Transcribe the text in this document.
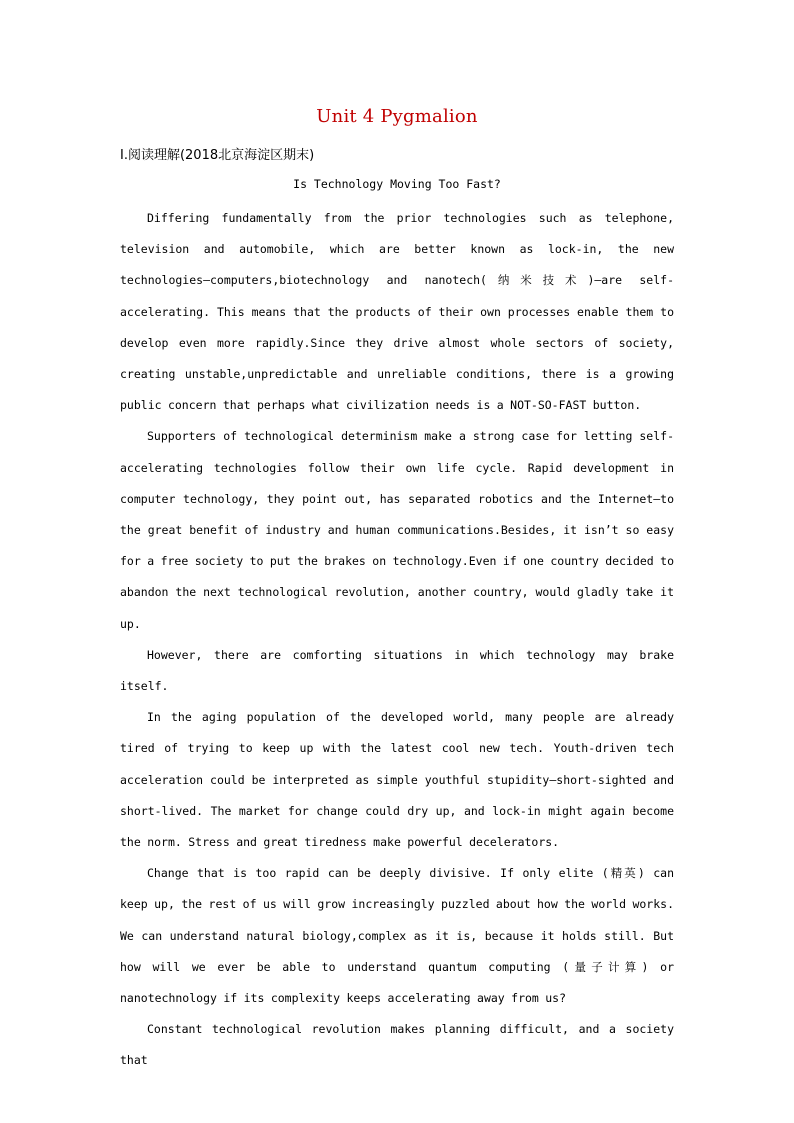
Unit 4 Pygmalion
Ⅰ.阅读理解(2018北京海淀区期末)
Is Technology Moving Too Fast?

Differing fundamentally from the prior technologies such as telephone, television and automobile, which are better known as lock-in, the new technologies—computers,biotechnology and nanotech(纳米技术)—are self-accelerating. This means that the products of their own processes enable them to develop even more rapidly.Since they drive almost whole sectors of society, creating unstable,unpredictable and unreliable conditions, there is a growing public concern that perhaps what civilization needs is a NOT-SO-FAST button.

Supporters of technological determinism make a strong case for letting self-accelerating technologies follow their own life cycle. Rapid development in computer technology, they point out, has separated robotics and the Internet—to the great benefit of industry and human communications.Besides, it isn’t so easy for a free society to put the brakes on technology.Even if one country decided to abandon the next technological revolution, another country, would gladly take it up.

However, there are comforting situations in which technology may brake itself.

In the aging population of the developed world, many people are already tired of trying to keep up with the latest cool new tech. Youth-driven tech acceleration could be interpreted as simple youthful stupidity—short-sighted and short-lived. The market for change could dry up, and lock-in might again become the norm. Stress and great tiredness make powerful decelerators.

Change that is too rapid can be deeply divisive. If only elite (精英) can keep up, the rest of us will grow increasingly puzzled about how the world works. We can understand natural biology,complex as it is, because it holds still. But how will we ever be able to understand quantum computing (量子计算) or nanotechnology if its complexity keeps accelerating away from us?

Constant technological revolution makes planning difficult, and a society that
